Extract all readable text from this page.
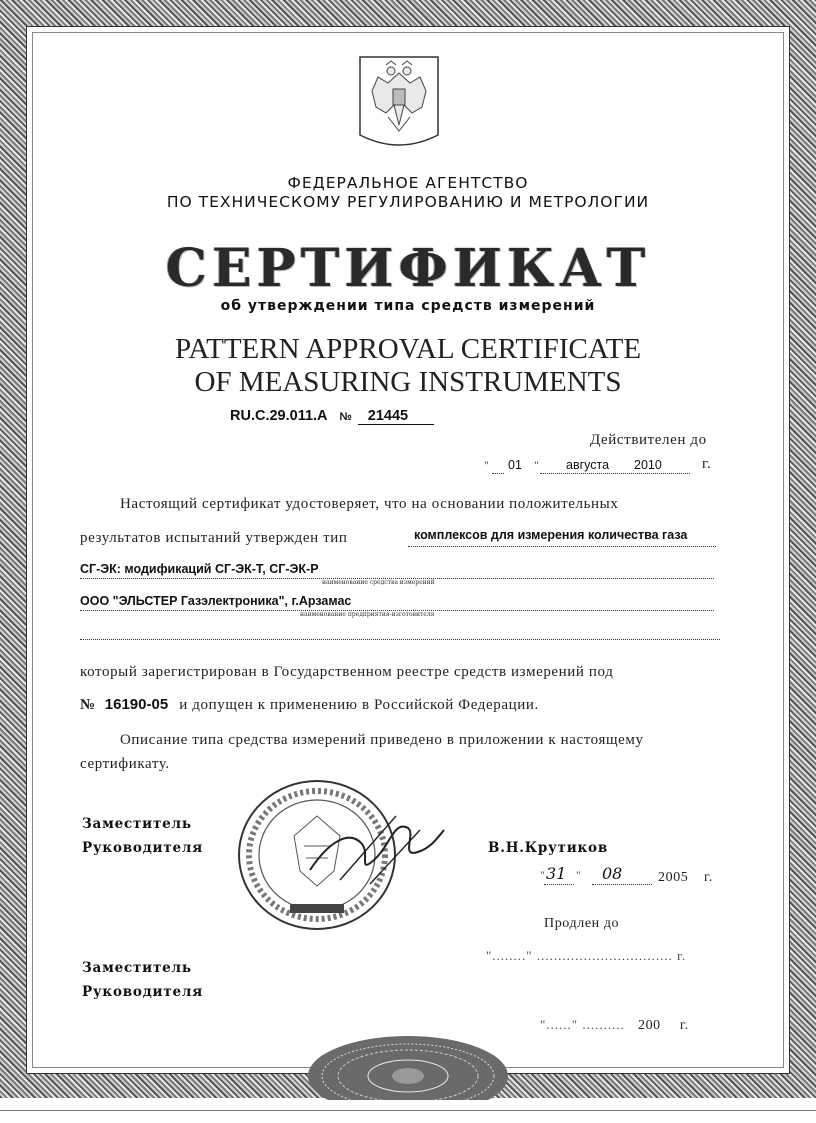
ФЕДЕРАЛЬНОЕ АГЕНТСТВО
ПО ТЕХНИЧЕСКОМУ РЕГУЛИРОВАНИЮ И МЕТРОЛОГИИ
СЕРТИФИКАТ
об утверждении типа средств измерений
PATTERN APPROVAL CERTIFICATE
OF MEASURING INSTRUMENTS
RU.C.29.011.A № 21445
Действителен до
" 01 " августа 2010	г.
Настоящий сертификат удостоверяет, что на основании положительных
результатов испытаний утвержден тип	комплексов для измерения количества газа
СГ-ЭК: модификаций СГ-ЭК-Т, СГ-ЭК-Р
наименование средства измерений
ООО "ЭЛЬСТЕР Газэлектроника", г.Арзамас
наименование предприятия-изготовителя
который зарегистрирован в Государственном реестре средств измерений под
№ 16190-05 и допущен к применению в Российской Федерации.
Описание типа средства измерений приведено в приложении к настоящему
сертификату.
Заместитель
Руководителя	В.Н.Крутиков
" 31 " 08	2005 г.
Продлен до
"........" ................................ г.
Заместитель
Руководителя
"......" .......... 200 г.
